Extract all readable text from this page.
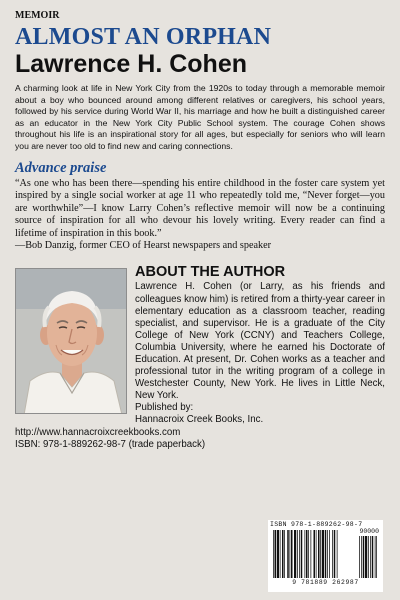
MEMOIR
ALMOST AN ORPHAN
Lawrence H. Cohen
A charming look at life in New York City from the 1920s to today through a memorable memoir about a boy who bounced around among different relatives or caregivers, his school years, followed by his service during World War II, his marriage and how he built a distinguished career as an educator in the New York City Public School system. The courage Cohen shows throughout his life is an inspirational story for all ages, but especially for seniors who will learn you are never too old to find new and caring connections.
Advance praise
“As one who has been there—spending his entire childhood in the foster care system yet inspired by a single social worker at age 11 who repeatedly told me, “Never forget—you are worthwhile”—I know Larry Cohen’s reflective memoir will now be a continuing source of inspiration for all who devour his lovely writing. Every reader can find a lifetime of inspiration in this book.”
—Bob Danzig, former CEO of Hearst newspapers and speaker
ABOUT THE AUTHOR
Lawrence H. Cohen (or Larry, as his friends and colleagues know him) is retired from a thirty-year career in elementary education as a classroom teacher, reading specialist, and supervisor. He is a graduate of the City College of New York (CCNY) and Teachers College, Columbia University, where he earned his Doctorate of Education. At present, Dr. Cohen works as a teacher and professional tutor in the writing program of a college in Westchester County, New York. He lives in Little Neck, New York.
Published by:
Hannacroix Creek Books, Inc.
http://www.hannacroixcreekbooks.com
ISBN: 978-1-889262-98-7 (trade paperback)
ISBN 978-1-889262-98-7
90000
9 781889 262987
